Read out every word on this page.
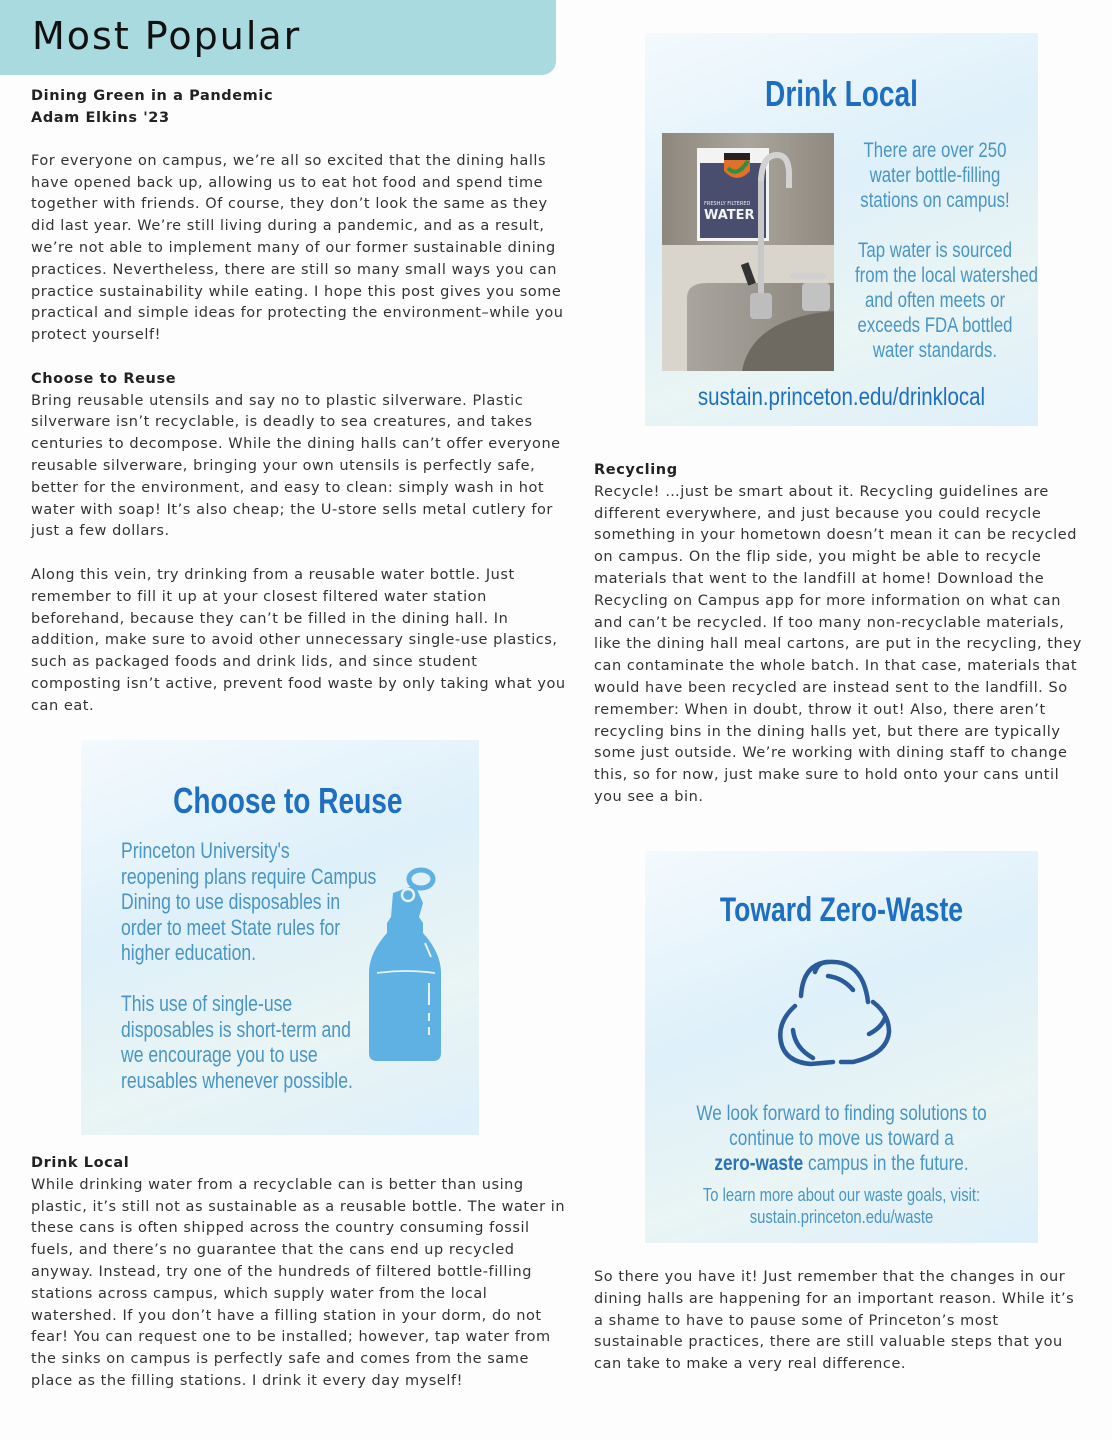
Most Popular

Dining Green in a Pandemic

Adam Elkins '23

For everyone on campus, we’re all so excited that the dining halls have opened back up, allowing us to eat hot food and spend time together with friends. Of course, they don’t look the same as they did last year. We’re still living during a pandemic, and as a result, we’re not able to implement many of our former sustainable dining practices. Nevertheless, there are still so many small ways you can practice sustainability while eating. I hope this post gives you some practical and simple ideas for protecting the environment–while you protect yourself!

Choose to Reuse

Bring reusable utensils and say no to plastic silverware. Plastic silverware isn’t recyclable, is deadly to sea creatures, and takes centuries to decompose. While the dining halls can’t offer everyone reusable silverware, bringing your own utensils is perfectly safe, better for the environment, and easy to clean: simply wash in hot water with soap! It’s also cheap; the U-store sells metal cutlery for just a few dollars.

Along this vein, try drinking from a reusable water bottle. Just remember to fill it up at your closest filtered water station beforehand, because they can’t be filled in the dining hall. In addition, make sure to avoid other unnecessary single-use plastics, such as packaged foods and drink lids, and since student composting isn’t active, prevent food waste by only taking what you can eat.

Drink Local

While drinking water from a recyclable can is better than using plastic, it’s still not as sustainable as a reusable bottle. The water in these cans is often shipped across the country consuming fossil fuels, and there’s no guarantee that the cans end up recycled anyway. Instead, try one of the hundreds of filtered bottle-filling stations across campus, which supply water from the local watershed. If you don’t have a filling station in your dorm, do not fear! You can request one to be installed; however, tap water from the sinks on campus is perfectly safe and comes from the same place as the filling stations. I drink it every day myself!

Recycling

Recycle! …just be smart about it. Recycling guidelines are different everywhere, and just because you could recycle something in your hometown doesn’t mean it can be recycled on campus. On the flip side, you might be able to recycle materials that went to the landfill at home! Download the Recycling on Campus app for more information on what can and can’t be recycled. If too many non-recyclable materials, like the dining hall meal cartons, are put in the recycling, they can contaminate the whole batch. In that case, materials that would have been recycled are instead sent to the landfill. So remember: When in doubt, throw it out! Also, there aren’t recycling bins in the dining halls yet, but there are typically some just outside. We’re working with dining staff to change this, so for now, just make sure to hold onto your cans until you see a bin.

So there you have it! Just remember that the changes in our dining halls are happening for an important reason. While it’s a shame to have to pause some of Princeton’s most sustainable practices, there are still valuable steps that you can take to make a very real difference.

Drink Local
FRESHLY FILTERED
WATER
There are over 250
water bottle-filling
stations on campus!
Tap water is sourced
from the local watershed
and often meets or
exceeds FDA bottled
water standards.
sustain.princeton.edu/drinklocal
Choose to Reuse
Princeton University's
reopening plans require Campus
Dining to use disposables in
order to meet State rules for
higher education.
This use of single-use
disposables is short-term and
we encourage you to use
reusables whenever possible.
Toward Zero-Waste
We look forward to finding solutions to
continue to move us toward a
zero-waste campus in the future.
To learn more about our waste goals, visit:
sustain.princeton.edu/waste
